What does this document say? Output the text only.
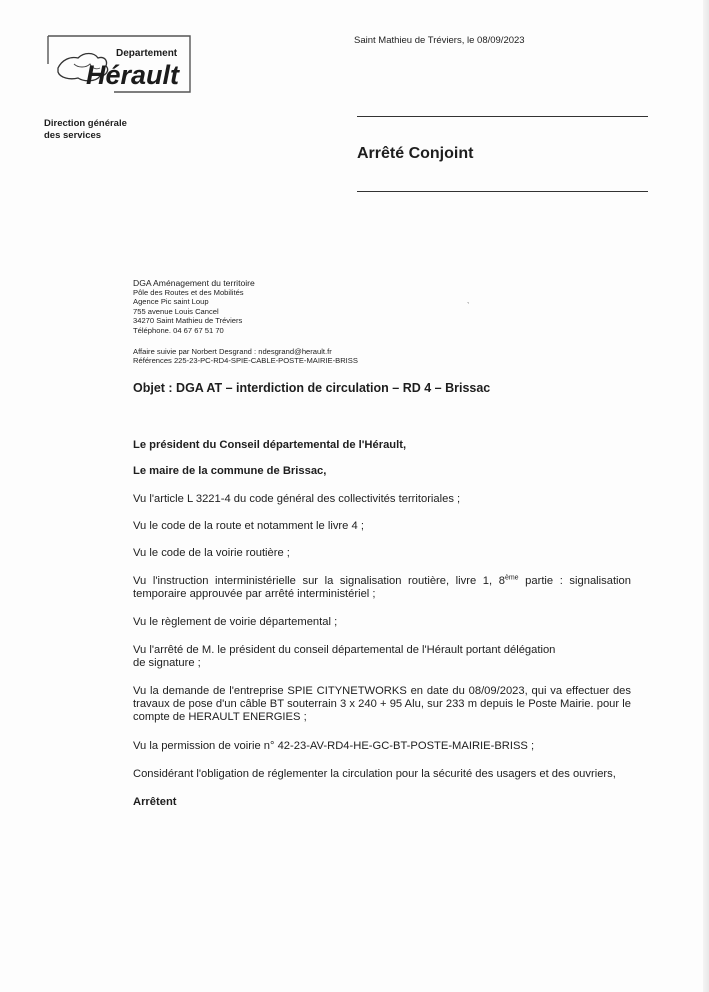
Departement
Hérault
Direction générale
des services
Saint Mathieu de Tréviers, le 08/09/2023
Arrêté Conjoint
DGA Aménagement du territoire
Pôle des Routes et des Mobilités
Agence Pic saint Loup
755 avenue Louis Cancel
34270 Saint Mathieu de Tréviers
Téléphone. 04 67 67 51 70
ˎ
Affaire suivie par Norbert Desgrand : ndesgrand@herault.fr
Références 225-23-PC-RD4-SPIE-CABLE-POSTE-MAIRIE-BRISS
Objet : DGA AT – interdiction de circulation – RD 4 – Brissac
Le président du Conseil départemental de l'Hérault,
Le maire de la commune de Brissac,
Vu l'article L 3221-4 du code général des collectivités territoriales ;
Vu le code de la route et notamment le livre 4 ;
Vu le code de la voirie routière ;
Vu l'instruction interministérielle sur la signalisation routière, livre 1, 8ème partie : signalisation temporaire approuvée par arrêté interministériel ;
Vu le règlement de voirie départemental ;
Vu l'arrêté de M. le président du conseil départemental de l'Hérault portant délégation
de signature ;
Vu la demande de l'entreprise SPIE CITYNETWORKS en date du 08/09/2023, qui va effectuer des travaux de pose d'un câble BT souterrain 3 x 240 + 95 Alu, sur 233 m depuis le Poste Mairie. pour le compte de HERAULT ENERGIES ;
Vu la permission de voirie n° 42-23-AV-RD4-HE-GC-BT-POSTE-MAIRIE-BRISS ;
Considérant l'obligation de réglementer la circulation pour la sécurité des usagers et des ouvriers,
Arrêtent
